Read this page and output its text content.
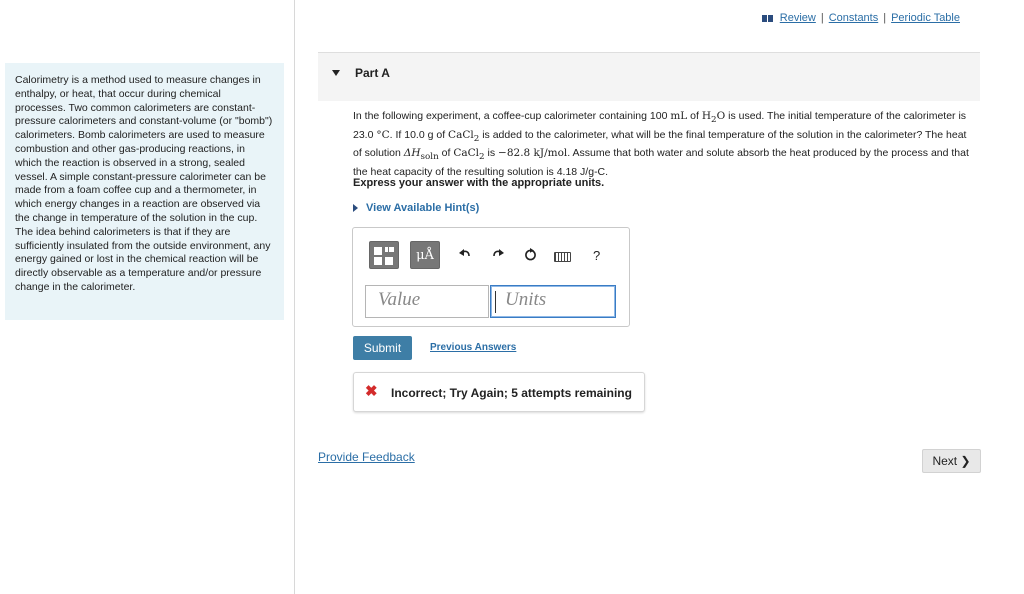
Calorimetry is a method used to measure changes in enthalpy, or heat, that occur during chemical processes. Two common calorimeters are constant-pressure calorimeters and constant-volume (or "bomb") calorimeters. Bomb calorimeters are used to measure combustion and other gas-producing reactions, in which the reaction is observed in a strong, sealed vessel. A simple constant-pressure calorimeter can be made from a foam coffee cup and a thermometer, in which energy changes in a reaction are observed via the change in temperature of the solution in the cup. The idea behind calorimeters is that if they are sufficiently insulated from the outside environment, any energy gained or lost in the chemical reaction will be directly observable as a temperature and/or pressure change in the calorimeter.
Review | Constants | Periodic Table
Part A
In the following experiment, a coffee-cup calorimeter containing 100 mL of $H_2O$ is used. The initial temperature of the calorimeter is 23.0 °C. If 10.0 g of CaCl$_2$ is added to the calorimeter, what will be the final temperature of the solution in the calorimeter? The heat of solution $\Delta H_{soln}$ of CaCl$_2$ is −82.8 kJ/mol. Assume that both water and solute absorb the heat produced by the process and that the heat capacity of the resulting solution is 4.18 J/g-C.
Express your answer with the appropriate units.
View Available Hint(s)
μÅ	?
Value	Units
Submit	Previous Answers
✖ Incorrect; Try Again; 5 attempts remaining
Provide Feedback	Next ❯
